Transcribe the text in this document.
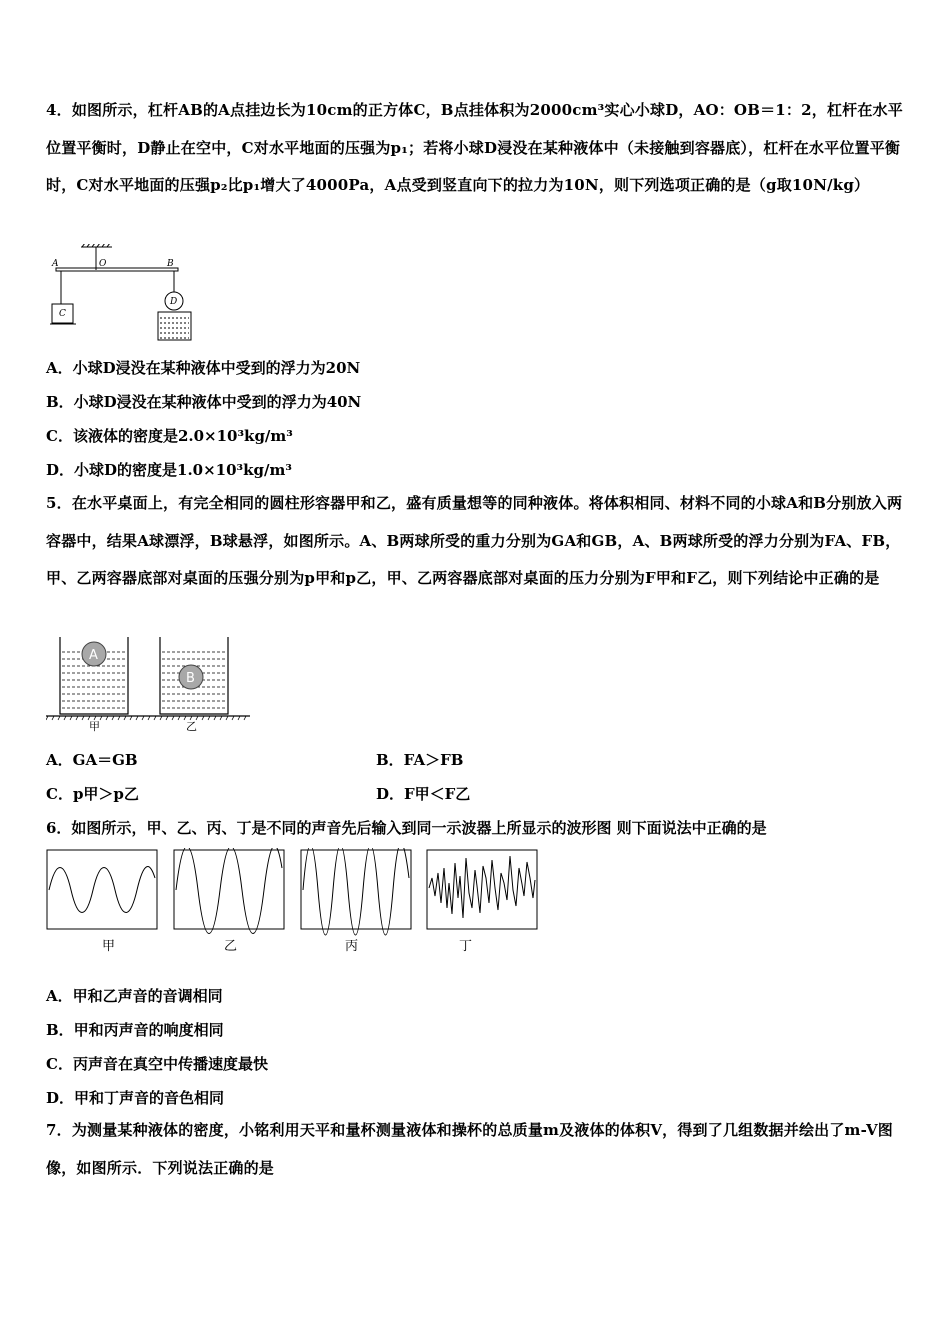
4．如图所示，杠杆AB的A点挂边长为10cm的正方体C，B点挂体积为2000cm³实心小球D，AO：OB＝1：2，杠杆在水平位置平衡时，D静止在空中，C对水平地面的压强为p₁；若将小球D浸没在某种液体中（未接触到容器底），杠杆在水平位置平衡时，C对水平地面的压强p₂比p₁增大了4000Pa，A点受到竖直向下的拉力为10N，则下列选项正确的是（g取10N/kg）
A	O	B
C
D
A．小球D浸没在某种液体中受到的浮力为20N
B．小球D浸没在某种液体中受到的浮力为40N
C．该液体的密度是2.0×10³kg/m³
D．小球D的密度是1.0×10³kg/m³
5．在水平桌面上，有完全相同的圆柱形容器甲和乙，盛有质量想等的同种液体。将体积相同、材料不同的小球A和B分别放入两容器中，结果A球漂浮，B球悬浮，如图所示。A、B两球所受的重力分别为GA和GB，A、B两球所受的浮力分别为FA、FB，甲、乙两容器底部对桌面的压强分别为p甲和p乙，甲、乙两容器底部对桌面的压力分别为F甲和F乙，则下列结论中正确的是
A
B
甲	乙
A．GA＝GB	B．FA＞FB
C．p甲＞p乙	D．F甲＜F乙
6．如图所示，甲、乙、丙、丁是不同的声音先后输入到同一示波器上所显示的波形图 则下面说法中正确的是
甲	乙	丙	丁
A．甲和乙声音的音调相同
B．甲和丙声音的响度相同
C．丙声音在真空中传播速度最快
D．甲和丁声音的音色相同
7．为测量某种液体的密度，小铭利用天平和量杯测量液体和操杯的总质量m及液体的体积V，得到了几组数据并绘出了m-V图像，如图所示．下列说法正确的是
